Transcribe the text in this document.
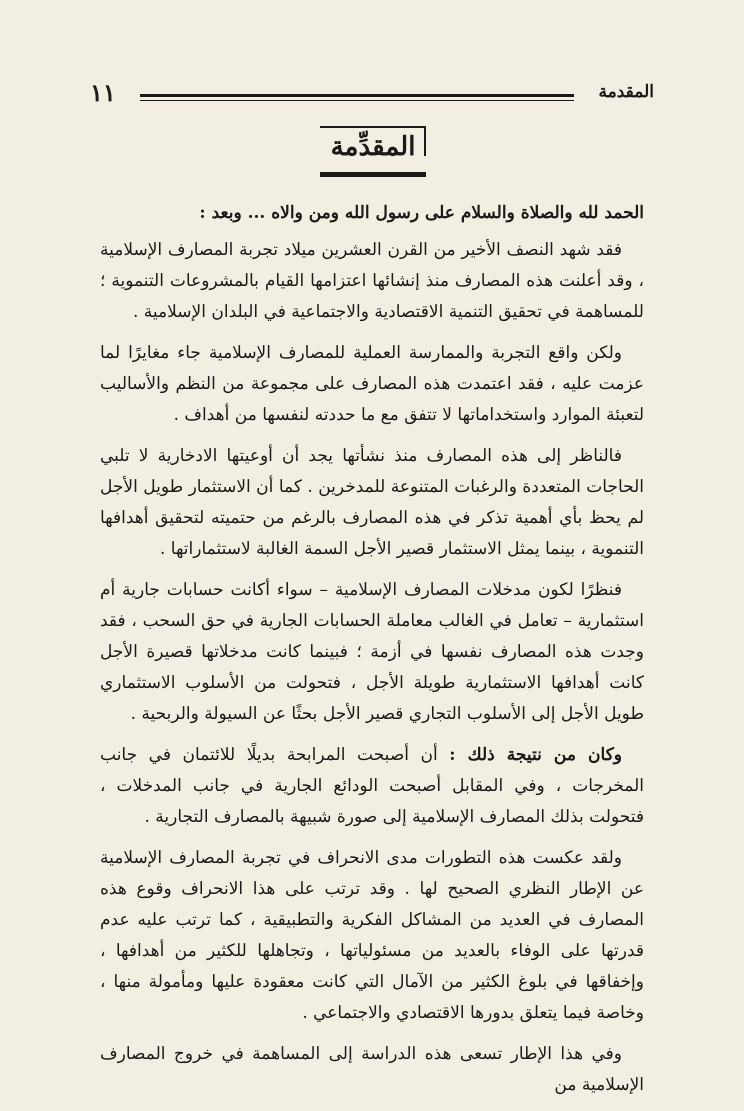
المقدمة
١١
المقدِّمة

الحمد لله والصلاة والسلام على رسول الله ومن والاه ... وبعد :

فقد شهد النصف الأخير من القرن العشرين ميلاد تجربة المصارف الإسلامية ، وقد أعلنت هذه المصارف منذ إنشائها اعتزامها القيام بالمشروعات التنموية ؛ للمساهمة في تحقيق التنمية الاقتصادية والاجتماعية في البلدان الإسلامية .

ولكن واقع التجربة والممارسة العملية للمصارف الإسلامية جاء مغايرًا لما عزمت عليه ، فقد اعتمدت هذه المصارف على مجموعة من النظم والأساليب لتعبئة الموارد واستخداماتها لا تتفق مع ما حددته لنفسها من أهداف .

فالناظر إلى هذه المصارف منذ نشأتها يجد أن أوعيتها الادخارية لا تلبي الحاجات المتعددة والرغبات المتنوعة للمدخرين . كما أن الاستثمار طويل الأجل لم يحظ بأي أهمية تذكر في هذه المصارف بالرغم من حتميته لتحقيق أهدافها التنموية ، بينما يمثل الاستثمار قصير الأجل السمة الغالبة لاستثماراتها .

فنظرًا لكون مدخلات المصارف الإسلامية – سواء أكانت حسابات جارية أم استثمارية – تعامل في الغالب معاملة الحسابات الجارية في حق السحب ، فقد وجدت هذه المصارف نفسها في أزمة ؛ فبينما كانت مدخلاتها قصيرة الأجل كانت أهدافها الاستثمارية طويلة الأجل ، فتحولت من الأسلوب الاستثماري طويل الأجل إلى الأسلوب التجاري قصير الأجل بحثًا عن السيولة والربحية .

وكان من نتيجة ذلك : أن أصبحت المرابحة بديلًا للائتمان في جانب المخرجات ، وفي المقابل أصبحت الودائع الجارية في جانب المدخلات ، فتحولت بذلك المصارف الإسلامية إلى صورة شبيهة بالمصارف التجارية .

ولقد عكست هذه التطورات مدى الانحراف في تجربة المصارف الإسلامية عن الإطار النظري الصحيح لها . وقد ترتب على هذا الانحراف وقوع هذه المصارف في العديد من المشاكل الفكرية والتطبيقية ، كما ترتب عليه عدم قدرتها على الوفاء بالعديد من مسئولياتها ، وتجاهلها للكثير من أهدافها ، وإخفاقها في بلوغ الكثير من الآمال التي كانت معقودة عليها ومأمولة منها ، وخاصة فيما يتعلق بدورها الاقتصادي والاجتماعي .

وفي هذا الإطار تسعى هذه الدراسة إلى المساهمة في خروج المصارف الإسلامية من
